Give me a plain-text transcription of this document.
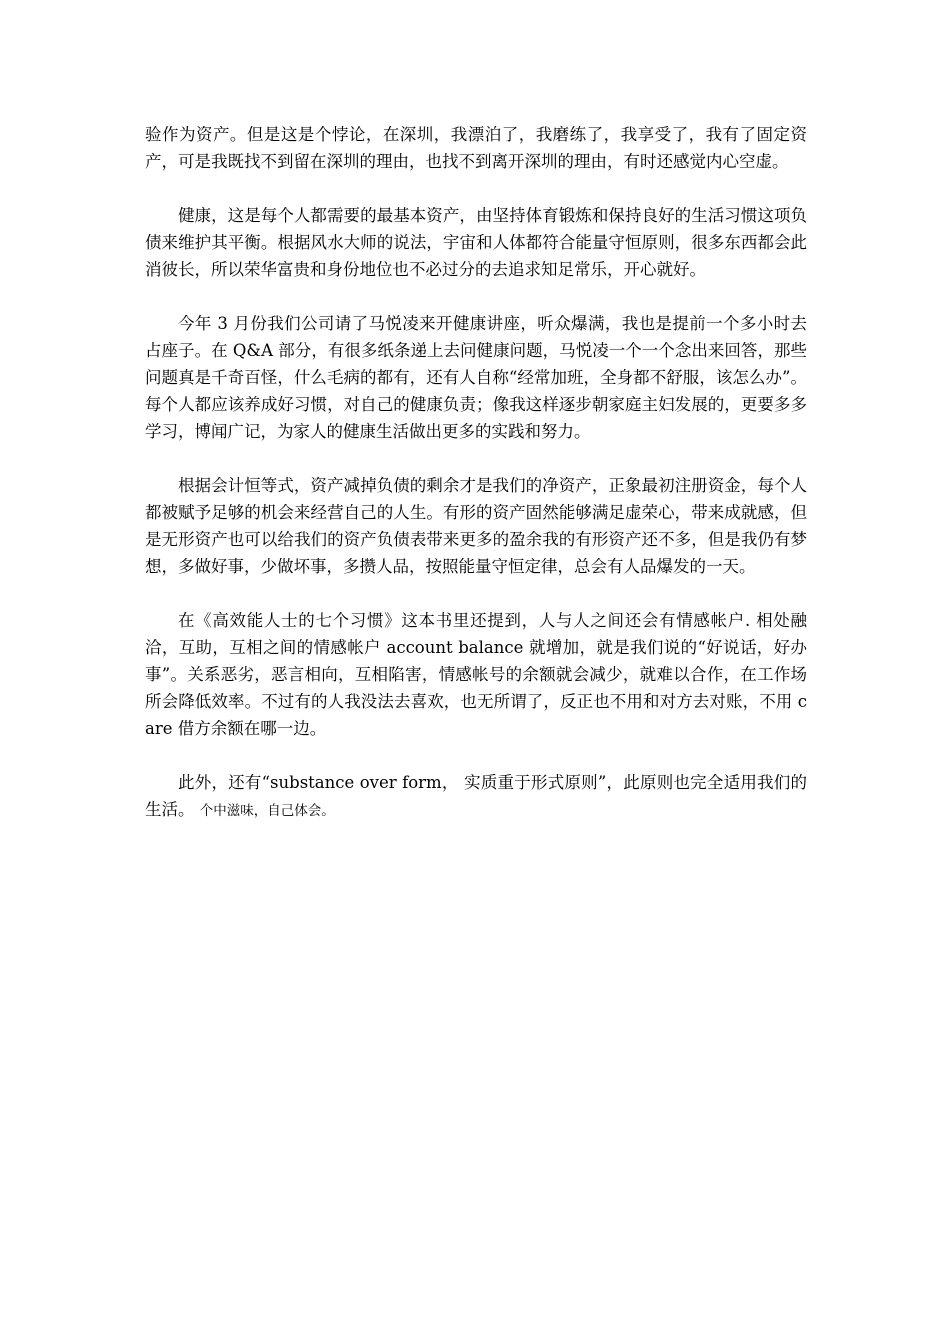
验作为资产。但是这是个悖论，在深圳，我漂泊了，我磨练了，我享受了，我有了固定资产，可是我既找不到留在深圳的理由，也找不到离开深圳的理由，有时还感觉内心空虚。

健康，这是每个人都需要的最基本资产，由坚持体育锻炼和保持良好的生活习惯这项负债来维护其平衡。根据风水大师的说法，宇宙和人体都符合能量守恒原则，很多东西都会此消彼长，所以荣华富贵和身份地位也不必过分的去追求知足常乐，开心就好。

今年 3 月份我们公司请了马悦凌来开健康讲座，听众爆满，我也是提前一个多小时去占座子。在 Q&A 部分，有很多纸条递上去问健康问题，马悦凌一个一个念出来回答，那些问题真是千奇百怪，什么毛病的都有，还有人自称“经常加班，全身都不舒服，该怎么办”。每个人都应该养成好习惯，对自己的健康负责；像我这样逐步朝家庭主妇发展的，更要多多学习，博闻广记，为家人的健康生活做出更多的实践和努力。

根据会计恒等式，资产减掉负债的剩余才是我们的净资产，正象最初注册资金，每个人都被赋予足够的机会来经营自己的人生。有形的资产固然能够满足虚荣心，带来成就感，但是无形资产也可以给我们的资产负债表带来更多的盈余我的有形资产还不多，但是我仍有梦想，多做好事，少做坏事，多攒人品，按照能量守恒定律，总会有人品爆发的一天。

在《高效能人士的七个习惯》这本书里还提到，人与人之间还会有情感帐户. 相处融洽，互助，互相之间的情感帐户 account balance 就增加，就是我们说的“好说话，好办事”。关系恶劣，恶言相向，互相陷害，情感帐号的余额就会减少，就难以合作，在工作场所会降低效率。不过有的人我没法去喜欢，也无所谓了，反正也不用和对方去对账，不用 care 借方余额在哪一边。

此外，还有“substance over form， 实质重于形式原则”，此原则也完全适用我们的生活。 个中滋味，自己体会。
